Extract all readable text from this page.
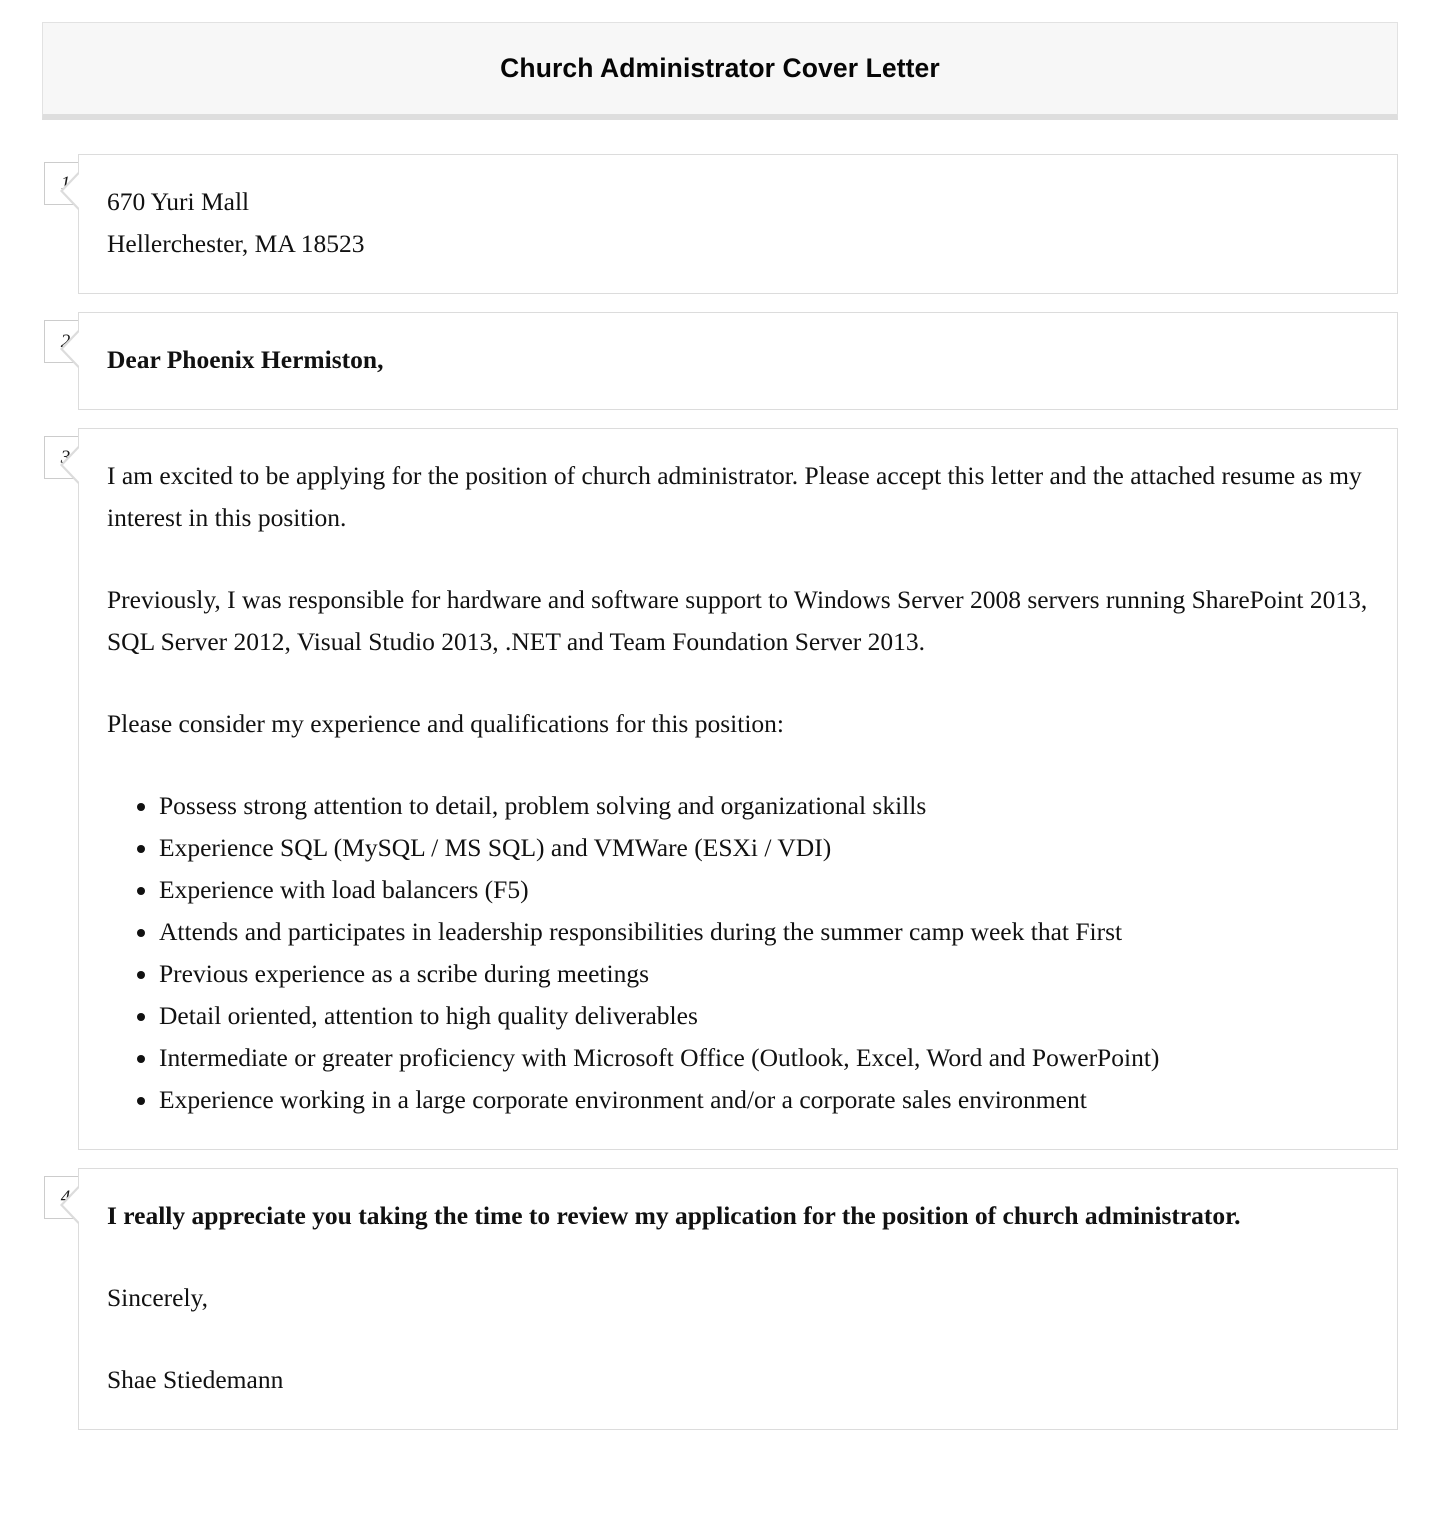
Church Administrator Cover Letter

670 Yuri Mall
Hellerchester, MA 18523

Dear Phoenix Hermiston,

I am excited to be applying for the position of church administrator. Please accept this letter and the attached resume as my interest in this position.

Previously, I was responsible for hardware and software support to Windows Server 2008 servers running SharePoint 2013, SQL Server 2012, Visual Studio 2013, .NET and Team Foundation Server 2013.

Please consider my experience and qualifications for this position:

• Possess strong attention to detail, problem solving and organizational skills
• Experience SQL (MySQL / MS SQL) and VMWare (ESXi / VDI)
• Experience with load balancers (F5)
• Attends and participates in leadership responsibilities during the summer camp week that First
• Previous experience as a scribe during meetings
• Detail oriented, attention to high quality deliverables
• Intermediate or greater proficiency with Microsoft Office (Outlook, Excel, Word and PowerPoint)
• Experience working in a large corporate environment and/or a corporate sales environment

I really appreciate you taking the time to review my application for the position of church administrator.

Sincerely,

Shae Stiedemann
